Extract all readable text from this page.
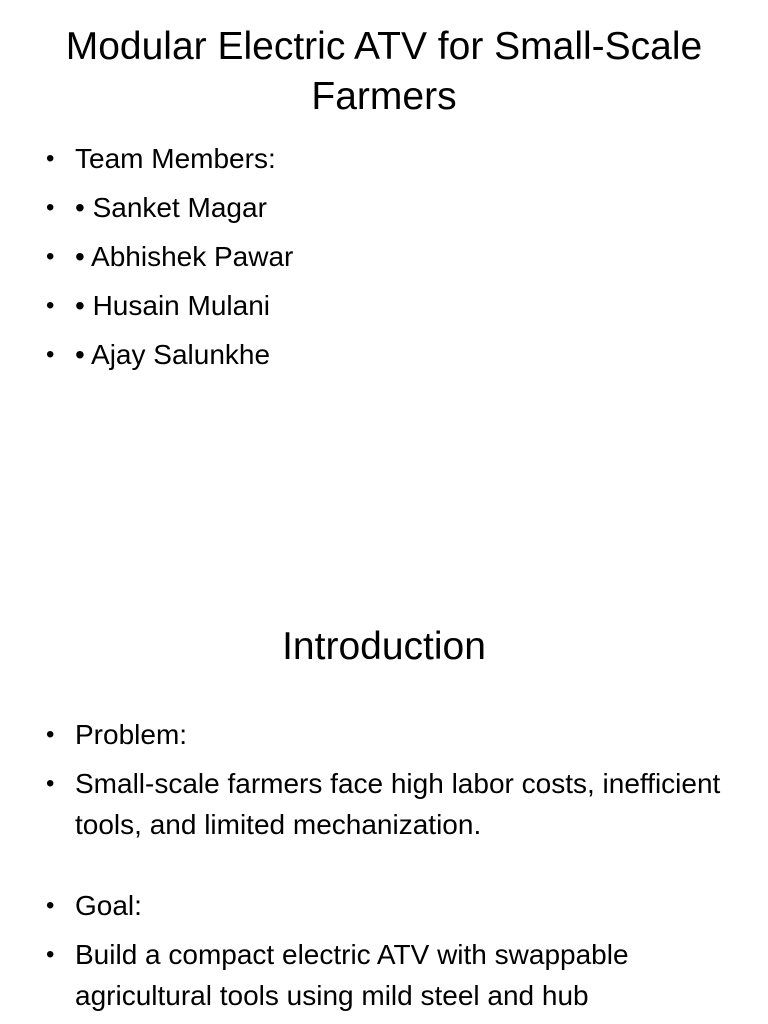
Modular Electric ATV for Small-Scale Farmers
• Team Members:
• • Sanket Magar
• • Abhishek Pawar
• • Husain Mulani
• • Ajay Salunkhe
Introduction
• Problem:
• Small-scale farmers face high labor costs, inefficient tools, and limited mechanization.
• Goal:
• Build a compact electric ATV with swappable agricultural tools using mild steel and hub
